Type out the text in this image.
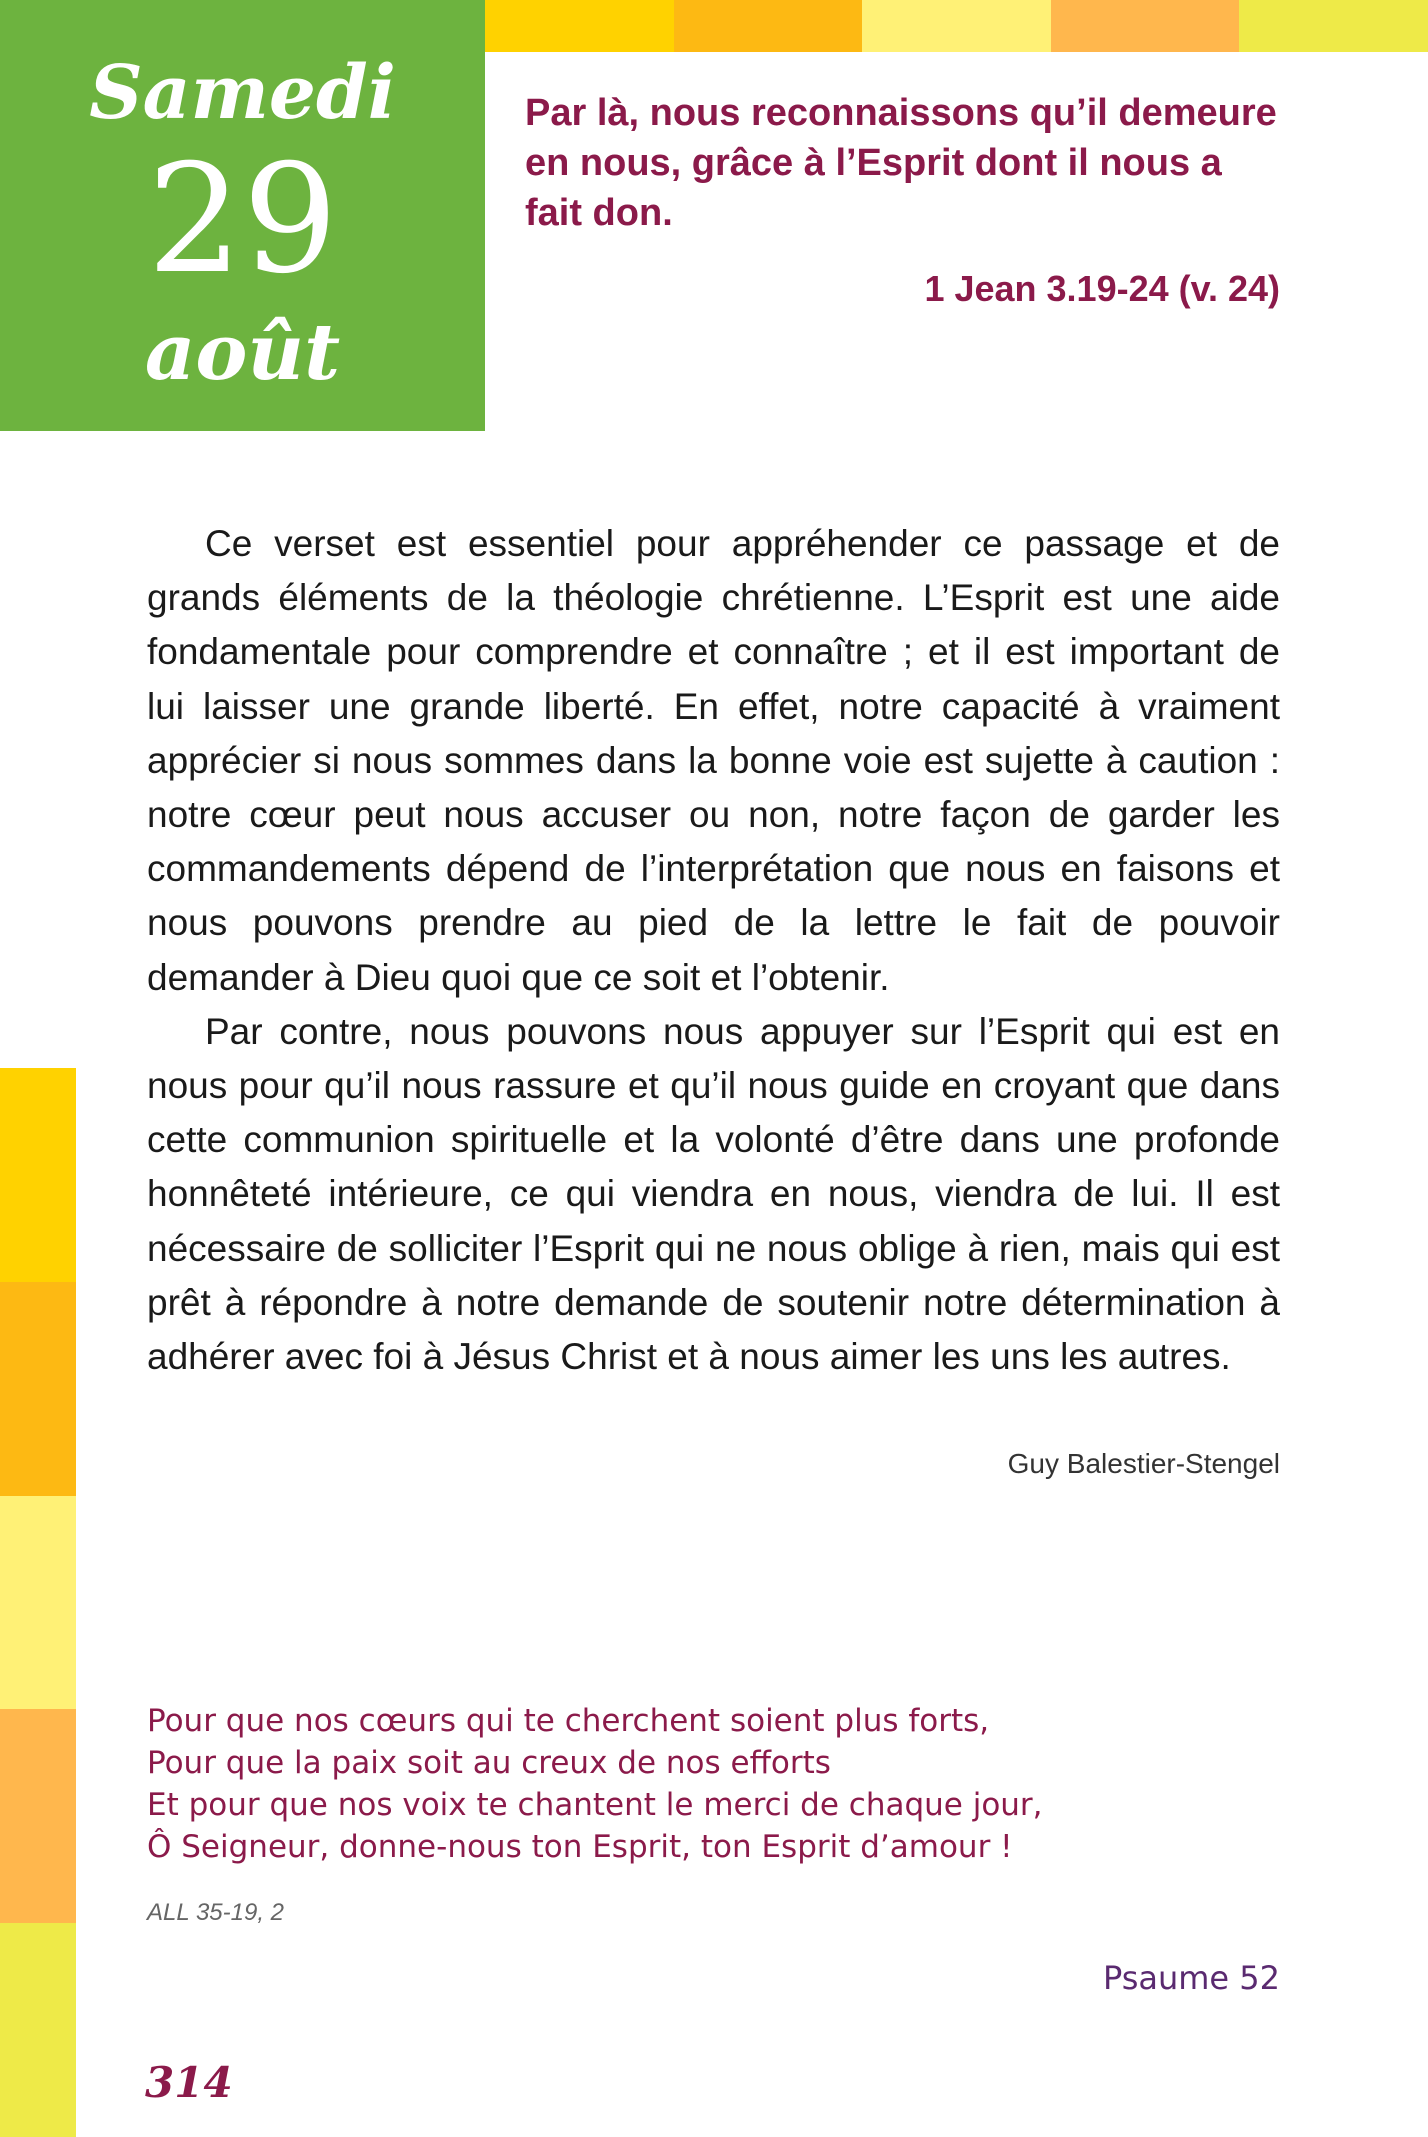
Samedi
29
août
Par là, nous reconnaissons qu’il demeure en nous, grâce à l’Esprit dont il nous a fait don.
1 Jean 3.19-24 (v. 24)

Ce verset est essentiel pour appréhender ce passage et de grands éléments de la théologie chrétienne. L’Esprit est une aide fondamentale pour comprendre et connaître ; et il est important de lui laisser une grande liberté. En effet, notre capacité à vraiment apprécier si nous sommes dans la bonne voie est sujette à caution : notre cœur peut nous accuser ou non, notre façon de garder les commandements dépend de l’interprétation que nous en faisons et nous pouvons prendre au pied de la lettre le fait de pouvoir demander à Dieu quoi que ce soit et l’obtenir.

Par contre, nous pouvons nous appuyer sur l’Esprit qui est en nous pour qu’il nous rassure et qu’il nous guide en croyant que dans cette communion spirituelle et la volonté d’être dans une profonde honnêteté intérieure, ce qui viendra en nous, viendra de lui. Il est nécessaire de solliciter l’Esprit qui ne nous oblige à rien, mais qui est prêt à répondre à notre demande de soutenir notre détermination à adhérer avec foi à Jésus Christ et à nous aimer les uns les autres.

Guy Balestier-Stengel
Pour que nos cœurs qui te cherchent soient plus forts,
Pour que la paix soit au creux de nos efforts
Et pour que nos voix te chantent le merci de chaque jour,
Ô Seigneur, donne-nous ton Esprit, ton Esprit d’amour !
ALL 35-19, 2
Psaume 52
314
